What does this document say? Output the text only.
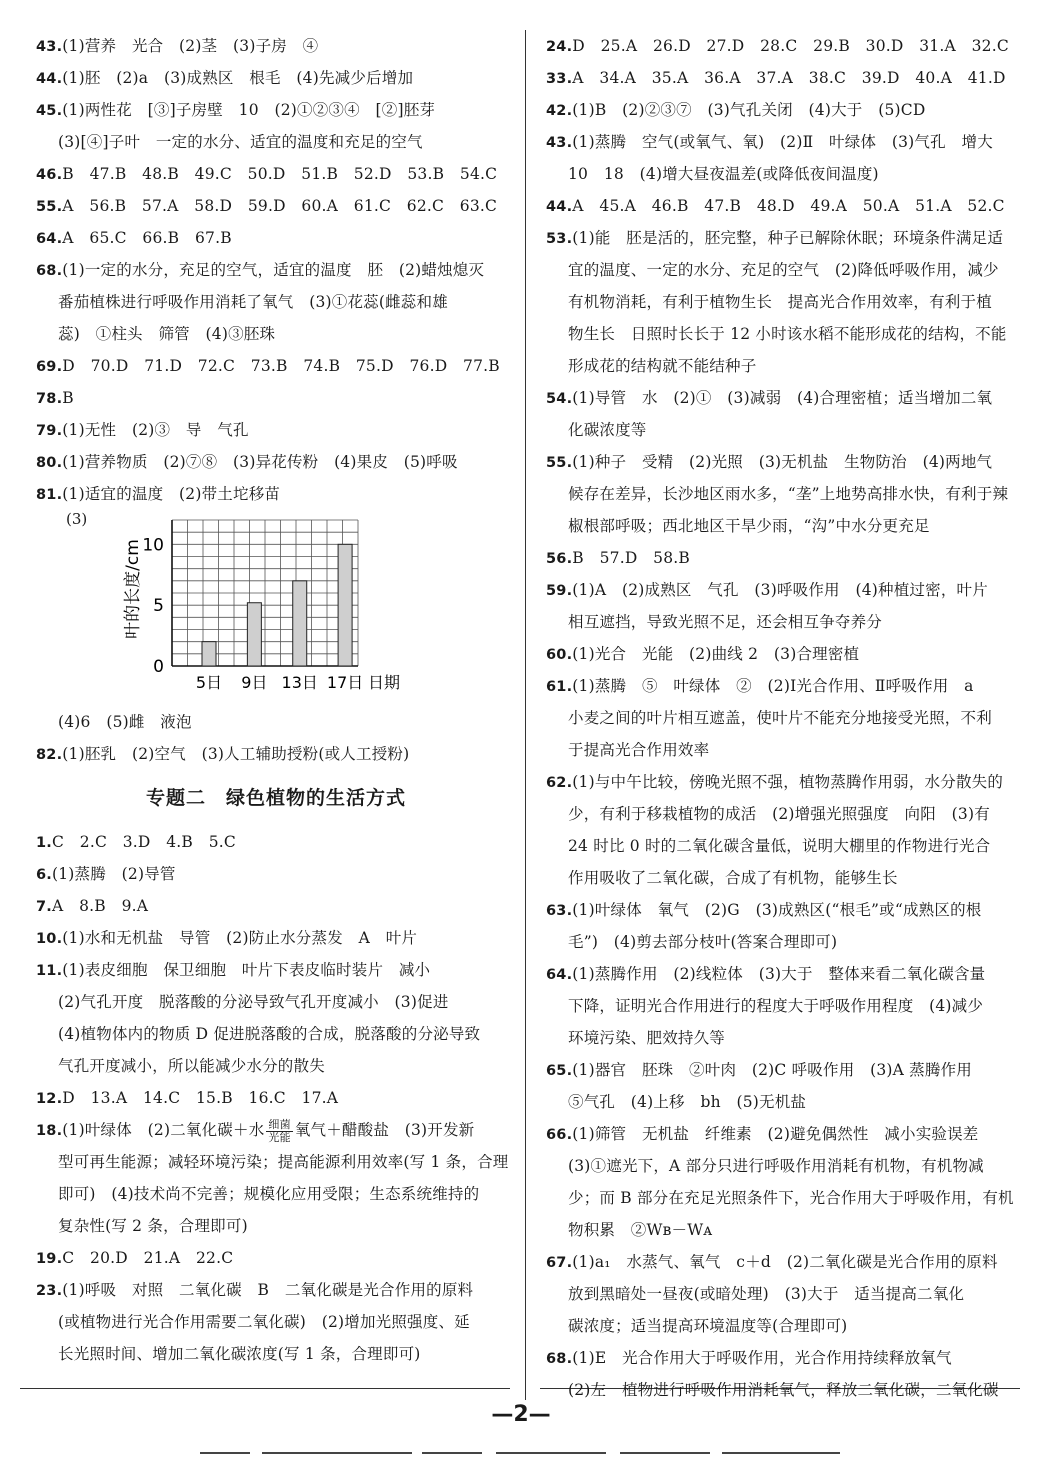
43.(1)营养　光合　(2)茎　(3)子房　④
44.(1)胚　(2)a　(3)成熟区　根毛　(4)先减少后增加
45.(1)两性花　[③]子房壁　10　(2)①②③④　[②]胚芽
(3)[④]子叶　一定的水分、适宜的温度和充足的空气
46.B　47.B　48.B　49.C　50.D　51.B　52.D　53.B　54.C
55.A　56.B　57.A　58.D　59.D　60.A　61.C　62.C　63.C
64.A　65.C　66.B　67.B
68.(1)一定的水分，充足的空气，适宜的温度　胚　(2)蜡烛熄灭
番茄植株进行呼吸作用消耗了氧气　(3)①花蕊(雌蕊和雄
蕊)　①柱头　筛管　(4)③胚珠
69.D　70.D　71.D　72.C　73.B　74.B　75.D　76.D　77.B
78.B
79.(1)无性　(2)③　导　气孔
80.(1)营养物质　(2)⑦⑧　(3)异花传粉　(4)果皮　(5)呼吸
81.(1)适宜的温度　(2)带土坨移苗
(3)
5日 9日 13日 17日 日期
0
5
10
叶的长度/cm
(4)6　(5)雌　液泡
82.(1)胚乳　(2)空气　(3)人工辅助授粉(或人工授粉)
专题二　绿色植物的生活方式
1.C　2.C　3.D　4.B　5.C
6.(1)蒸腾　(2)导管
7.A　8.B　9.A
10.(1)水和无机盐　导管　(2)防止水分蒸发　A　叶片
11.(1)表皮细胞　保卫细胞　叶片下表皮临时装片　减小
(2)气孔开度　脱落酸的分泌导致气孔开度减小　(3)促进
(4)植物体内的物质 D 促进脱落酸的合成，脱落酸的分泌导致
气孔开度减小，所以能减少水分的散失
12.D　13.A　14.C　15.B　16.C　17.A
18.(1)叶绿体　(2)二氧化碳＋水 $\frac{\text{细菌}}{\text{光能}}$ 氧气＋醋酸盐　(3)开发新
型可再生能源；减轻环境污染；提高能源利用效率(写 1 条，合理
即可)　(4)技术尚不完善；规模化应用受限；生态系统维持的
复杂性(写 2 条，合理即可)
19.C　20.D　21.A　22.C
23.(1)呼吸　对照　二氧化碳　B　二氧化碳是光合作用的原料
(或植物进行光合作用需要二氧化碳)　(2)增加光照强度、延
长光照时间、增加二氧化碳浓度(写 1 条，合理即可)
24.D　25.A　26.D　27.D　28.C　29.B　30.D　31.A　32.C
33.A　34.A　35.A　36.A　37.A　38.C　39.D　40.A　41.D
42.(1)B　(2)②③⑦　(3)气孔关闭　(4)大于　(5)CD
43.(1)蒸腾　空气(或氧气、氧)　(2)Ⅱ　叶绿体　(3)气孔　增大
10　18　(4)增大昼夜温差(或降低夜间温度)
44.A　45.A　46.B　47.B　48.D　49.A　50.A　51.A　52.C
53.(1)能　胚是活的，胚完整，种子已解除休眠；环境条件满足适
宜的温度、一定的水分、充足的空气　(2)降低呼吸作用，减少
有机物消耗，有利于植物生长　提高光合作用效率，有利于植
物生长　日照时长长于 12 小时该水稻不能形成花的结构，不能
形成花的结构就不能结种子
54.(1)导管　水　(2)①　(3)减弱　(4)合理密植；适当增加二氧
化碳浓度等
55.(1)种子　受精　(2)光照　(3)无机盐　生物防治　(4)两地气
候存在差异，长沙地区雨水多，“垄”上地势高排水快，有利于辣
椒根部呼吸；西北地区干旱少雨，“沟”中水分更充足
56.B　57.D　58.B
59.(1)A　(2)成熟区　气孔　(3)呼吸作用　(4)种植过密，叶片
相互遮挡，导致光照不足，还会相互争夺养分
60.(1)光合　光能　(2)曲线 2　(3)合理密植
61.(1)蒸腾　⑤　叶绿体　②　(2)Ⅰ光合作用、Ⅱ呼吸作用　a
小麦之间的叶片相互遮盖，使叶片不能充分地接受光照，不利
于提高光合作用效率
62.(1)与中午比较，傍晚光照不强，植物蒸腾作用弱，水分散失的
少，有利于移栽植物的成活　(2)增强光照强度　向阳　(3)有
24 时比 0 时的二氧化碳含量低，说明大棚里的作物进行光合
作用吸收了二氧化碳，合成了有机物，能够生长
63.(1)叶绿体　氧气　(2)G　(3)成熟区(“根毛”或“成熟区的根
毛”)　(4)剪去部分枝叶(答案合理即可)
64.(1)蒸腾作用　(2)线粒体　(3)大于　整体来看二氧化碳含量
下降，证明光合作用进行的程度大于呼吸作用程度　(4)减少
环境污染、肥效持久等
65.(1)器官　胚珠　②叶肉　(2)C 呼吸作用　(3)A 蒸腾作用
⑤气孔　(4)上移　bh　(5)无机盐
66.(1)筛管　无机盐　纤维素　(2)避免偶然性　减小实验误差
(3)①遮光下，A 部分只进行呼吸作用消耗有机物，有机物减
少；而 B 部分在充足光照条件下，光合作用大于呼吸作用，有机
物积累　②Wʙ－Wᴀ
67.(1)a₁　水蒸气、氧气　c＋d　(2)二氧化碳是光合作用的原料
放到黑暗处一昼夜(或暗处理)　(3)大于　适当提高二氧化
碳浓度；适当提高环境温度等(合理即可)
68.(1)E　光合作用大于呼吸作用，光合作用持续释放氧气
(2)左　植物进行呼吸作用消耗氧气，释放二氧化碳，二氧化碳
—2—
